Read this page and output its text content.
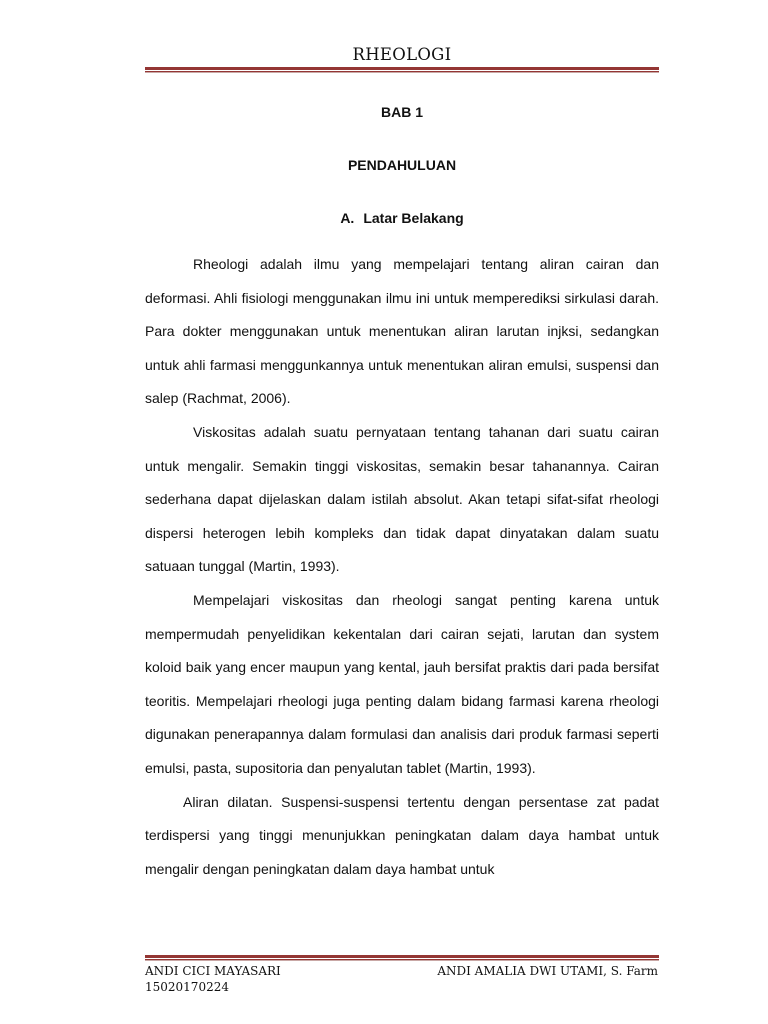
RHEOLOGI
BAB 1
PENDAHULUAN
A. Latar Belakang

Rheologi adalah ilmu yang mempelajari tentang aliran cairan dan deformasi. Ahli fisiologi menggunakan ilmu ini untuk memperediksi sirkulasi darah. Para dokter menggunakan untuk menentukan aliran larutan injksi, sedangkan untuk ahli farmasi menggunkannya untuk menentukan aliran emulsi, suspensi dan salep (Rachmat, 2006).

Viskositas adalah suatu pernyataan tentang tahanan dari suatu cairan untuk mengalir. Semakin tinggi viskositas, semakin besar tahanannya. Cairan sederhana dapat dijelaskan dalam istilah absolut. Akan tetapi sifat-sifat rheologi dispersi heterogen lebih kompleks dan tidak dapat dinyatakan dalam suatu satuaan tunggal (Martin, 1993).

Mempelajari viskositas dan rheologi sangat penting karena untuk mempermudah penyelidikan kekentalan dari cairan sejati, larutan dan system koloid baik yang encer maupun yang kental, jauh bersifat praktis dari pada bersifat teoritis. Mempelajari rheologi juga penting dalam bidang farmasi karena rheologi digunakan penerapannya dalam formulasi dan analisis dari produk farmasi seperti emulsi, pasta, supositoria dan penyalutan tablet (Martin, 1993).

Aliran dilatan. Suspensi-suspensi tertentu dengan persentase zat padat terdispersi yang tinggi menunjukkan peningkatan dalam daya hambat untuk mengalir dengan peningkatan dalam daya hambat untuk

ANDI CICI MAYASARI
15020170224
ANDI AMALIA DWI UTAMI, S. Farm
